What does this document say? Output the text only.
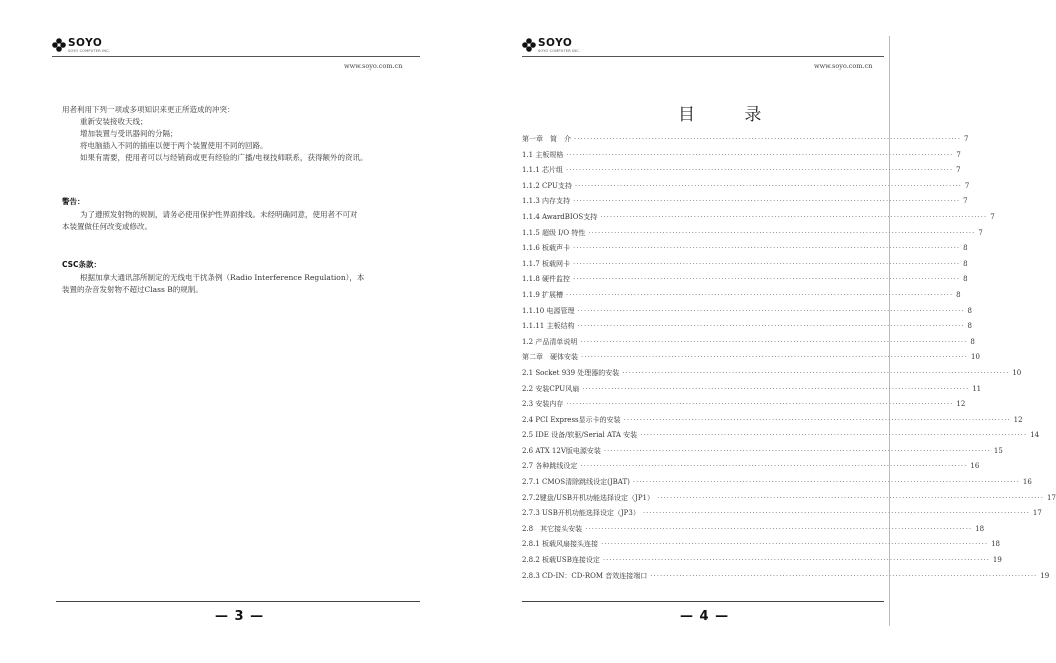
SOYO
SOYO COMPUTER INC.
www.soyo.com.cn

用者利用下列一项或多项知识来更正所造成的冲突：

重新安装接收天线；

增加装置与受讯器间的分隔；

将电脑插入不同的插座以便于两个装置使用不同的回路。

如果有需要，使用者可以与经销商或更有经验的广播/电视技师联系，获得额外的资讯。

警告：

为了遵照发射物的规制，请务必使用保护性界面排线。未经明确同意，使用者不可对

本装置做任何改变或修改。

CSC条款：

根据加拿大通讯部所制定的无线电干扰条例（Radio Interference Regulation），本

装置的杂音发射物不超过Class B的规制。

— 3 —
SOYO
SOYO COMPUTER INC.
www.soyo.com.cn
目 录
第一章　简　介 ························································································································ 7
1.1 主板规格 ························································································································ 7
1.1.1 芯片组 ························································································································ 7
1.1.2 CPU支持 ························································································································ 7
1.1.3 内存支持 ························································································································ 7
1.1.4 AwardBIOS支持 ························································································································ 7
1.1.5 超级 I/O 特性 ························································································································ 7
1.1.6 板载声卡 ························································································································ 8
1.1.7 板载网卡 ························································································································ 8
1.1.8 硬件监控 ························································································································ 8
1.1.9 扩展槽 ························································································································ 8
1.1.10 电源管理 ························································································································ 8
1.1.11 主板结构 ························································································································ 8
1.2 产品清单说明 ························································································································ 8
第二章　硬体安装 ························································································································ 10
2.1 Socket 939 处理器的安装 ························································································································ 10
2.2 安装CPU风扇 ························································································································ 11
2.3 安装内存 ························································································································ 12
2.4 PCI Express显示卡的安装 ························································································································ 12
2.5 IDE 设备/软驱/Serial ATA 安装 ························································································································ 14
2.6 ATX 12V版电源安装 ························································································································ 15
2.7 各种跳线设定 ························································································································ 16
2.7.1 CMOS清除跳线设定(JBAT) ························································································································ 16
2.7.2键盘/USB开机功能选择设定（JP1） ························································································································ 17
2.7.3 USB开机功能选择设定（JP3） ························································································································ 17
2.8　其它接头安装 ························································································································ 18
2.8.1 板载风扇接头连接 ························································································································ 18
2.8.2 板载USB连接设定 ························································································································ 19
2.8.3 CD-IN：CD-ROM 音效连接端口 ························································································································ 19
— 4 —
